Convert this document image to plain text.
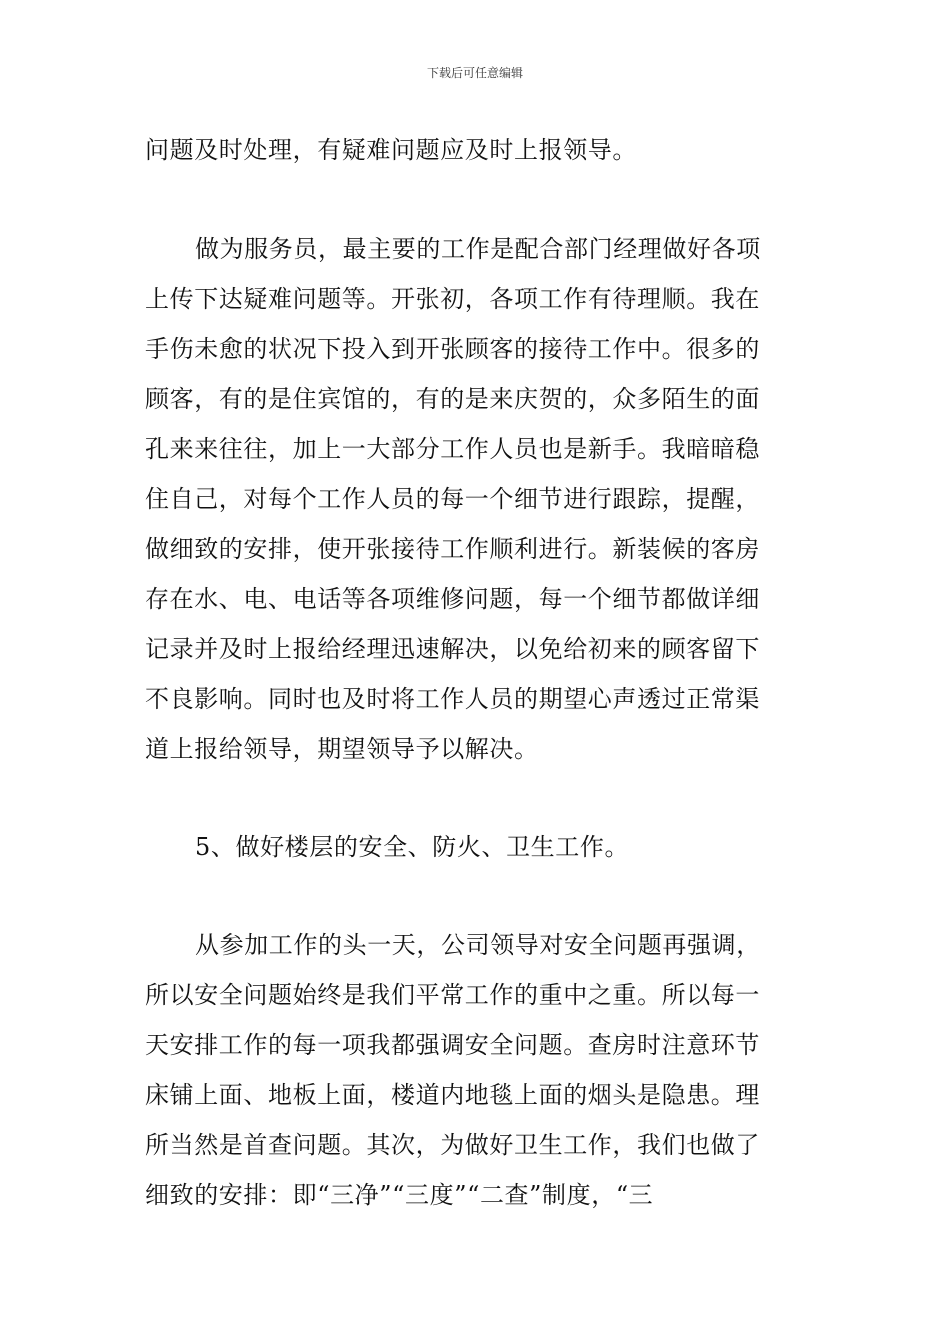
下载后可任意编辑
问题及时处理，有疑难问题应及时上报领导。
做为服务员，最主要的工作是配合部门经理做好各项
上传下达疑难问题等。开张初，各项工作有待理顺。我在
手伤未愈的状况下投入到开张顾客的接待工作中。很多的
顾客，有的是住宾馆的，有的是来庆贺的，众多陌生的面
孔来来往往，加上一大部分工作人员也是新手。我暗暗稳
住自己，对每个工作人员的每一个细节进行跟踪，提醒，
做细致的安排，使开张接待工作顺利进行。新装候的客房
存在水、电、电话等各项维修问题，每一个细节都做详细
记录并及时上报给经理迅速解决，以免给初来的顾客留下
不良影响。同时也及时将工作人员的期望心声透过正常渠
道上报给领导，期望领导予以解决。
5、做好楼层的安全、防火、卫生工作。
从参加工作的头一天，公司领导对安全问题再强调，
所以安全问题始终是我们平常工作的重中之重。所以每一
天安排工作的每一项我都强调安全问题。查房时注意环节
床铺上面、地板上面，楼道内地毯上面的烟头是隐患。理
所当然是首查问题。其次，为做好卫生工作，我们也做了
细致的安排：即“三净”“三度”“二查”制度，“三
